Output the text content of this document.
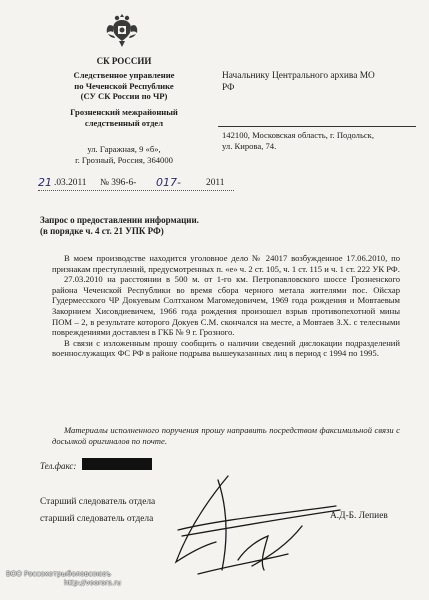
СК РОССИИ
Следственное управление
по Чеченской Республике
(СУ СК России по ЧР)
Грозненский межрайонный
следственный отдел
ул. Гаражная, 9 «б»,
г. Грозный, Россия, 364000
Начальнику Центрального архива МО
РФ
142100, Московская область, г. Подольск,
ул. Кирова, 74.
21 .03.2011 № 396-6- 017-	2011
Запрос о предоставлении информации.
(в порядке ч. 4 ст. 21 УПК РФ)

В моем производстве находится уголовное дело № 24017 возбужденное 17.06.2010, по признакам преступлений, предусмотренных п. «е» ч. 2 ст. 105, ч. 1 ст. 115 и ч. 1 ст. 222 УК РФ.

27.03.2010 на расстоянии в 500 м. от 1-го км. Петропавловского шоссе Грозненского района Чеченской Республики во время сбора черного метала жителями пос. Ойсхар Гудермесского ЧР Докуевым Солтханом Магомедовичем, 1969 года рождения и Мовтаевым Закорнием Хисовдиевичем, 1966 года рождения произошел взрыв противопехотной мины ПОМ – 2, в результате которого Докуев С.М. скончался на месте, а Мовтаев З.Х. с телесными повреждениями доставлен в ГКБ № 9 г. Грозного.

В связи с изложенным прошу сообщить о наличии сведений дислокации подразделений военнослужащих ФС РФ в районе подрыва вышеуказанных лиц в период с 1994 по 1995.

Материалы исполненного поручения прошу направить посредством факсимильной связи с досылкой оригиналов по почте.
Тел.факс:
Старший следователь отдела
старший следователь отдела	А.Д-Б. Лепиев
ВОО Россохотрыболовсоюзъ
http://voorors.ru
